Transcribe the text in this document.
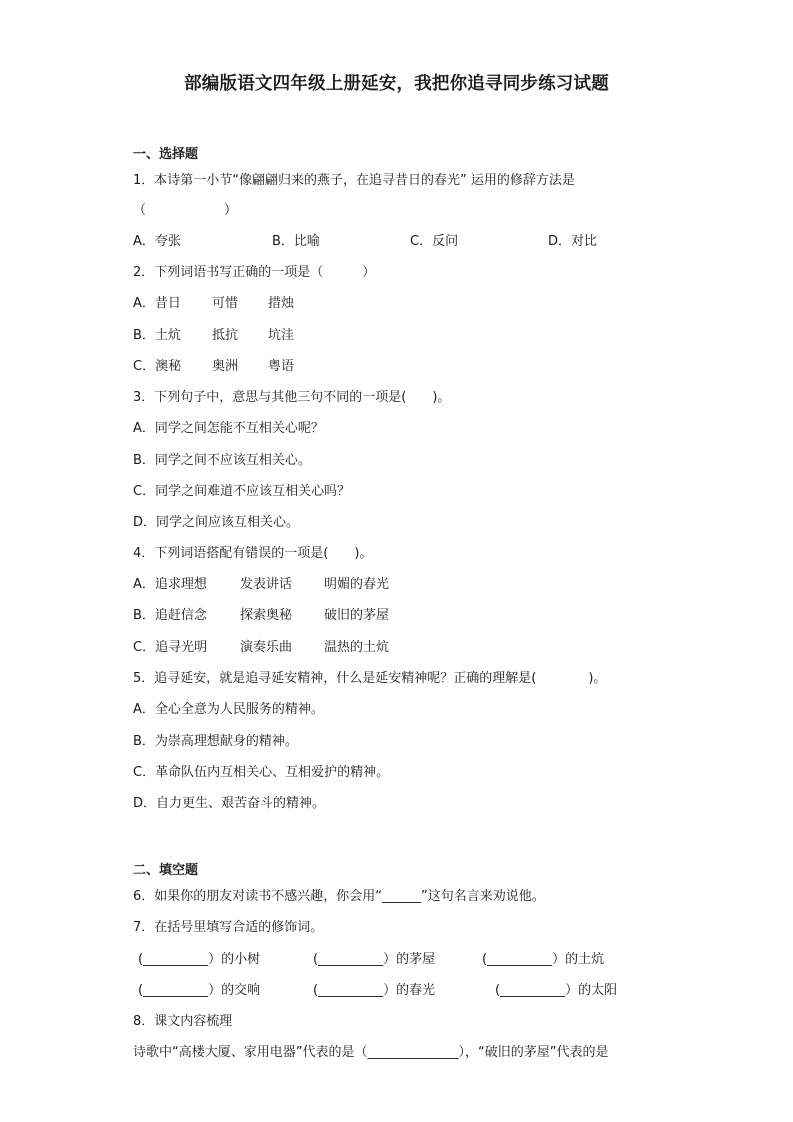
部编版语文四年级上册延安，我把你追寻同步练习试题
一、选择题
1．本诗第一小节“像翩翩归来的燕子，在追寻昔日的春光” 运用的修辞方法是
（　　　　　　）
A．夸张	B．比喻	C．反问	D．对比
2．下列词语书写正确的一项是（　　　）
A．昔日 可惜 措烛
B．土炕 抵抗 坑洼
C．澳秘 奥洲 粤语
3．下列句子中，意思与其他三句不同的一项是(　　)。
A．同学之间怎能不互相关心呢？
B．同学之间不应该互相关心。
C．同学之间难道不应该互相关心吗？
D．同学之间应该互相关心。
4．下列词语搭配有错误的一项是(　　)。
A．追求理想	发表讲话 明媚的春光
B．追赶信念	探索奥秘 破旧的茅屋
C．追寻光明	演奏乐曲 温热的土炕
5．追寻延安，就是追寻延安精神，什么是延安精神呢？正确的理解是(　　　　)。
A．全心全意为人民服务的精神。
B．为崇高理想献身的精神。
C．革命队伍内互相关心、互相爱护的精神。
D．自力更生、艰苦奋斗的精神。
二、填空题
6．如果你的朋友对读书不感兴趣，你会用“______”这句名言来劝说他。
7．在括号里填写合适的修饰词。
(__________）的小树	(__________）的茅屋	(__________）的土炕
(__________）的交响	(__________）的春光	(__________）的太阳
8．课文内容梳理
诗歌中“高楼大厦、家用电器”代表的是（______________），“破旧的茅屋”代表的是
